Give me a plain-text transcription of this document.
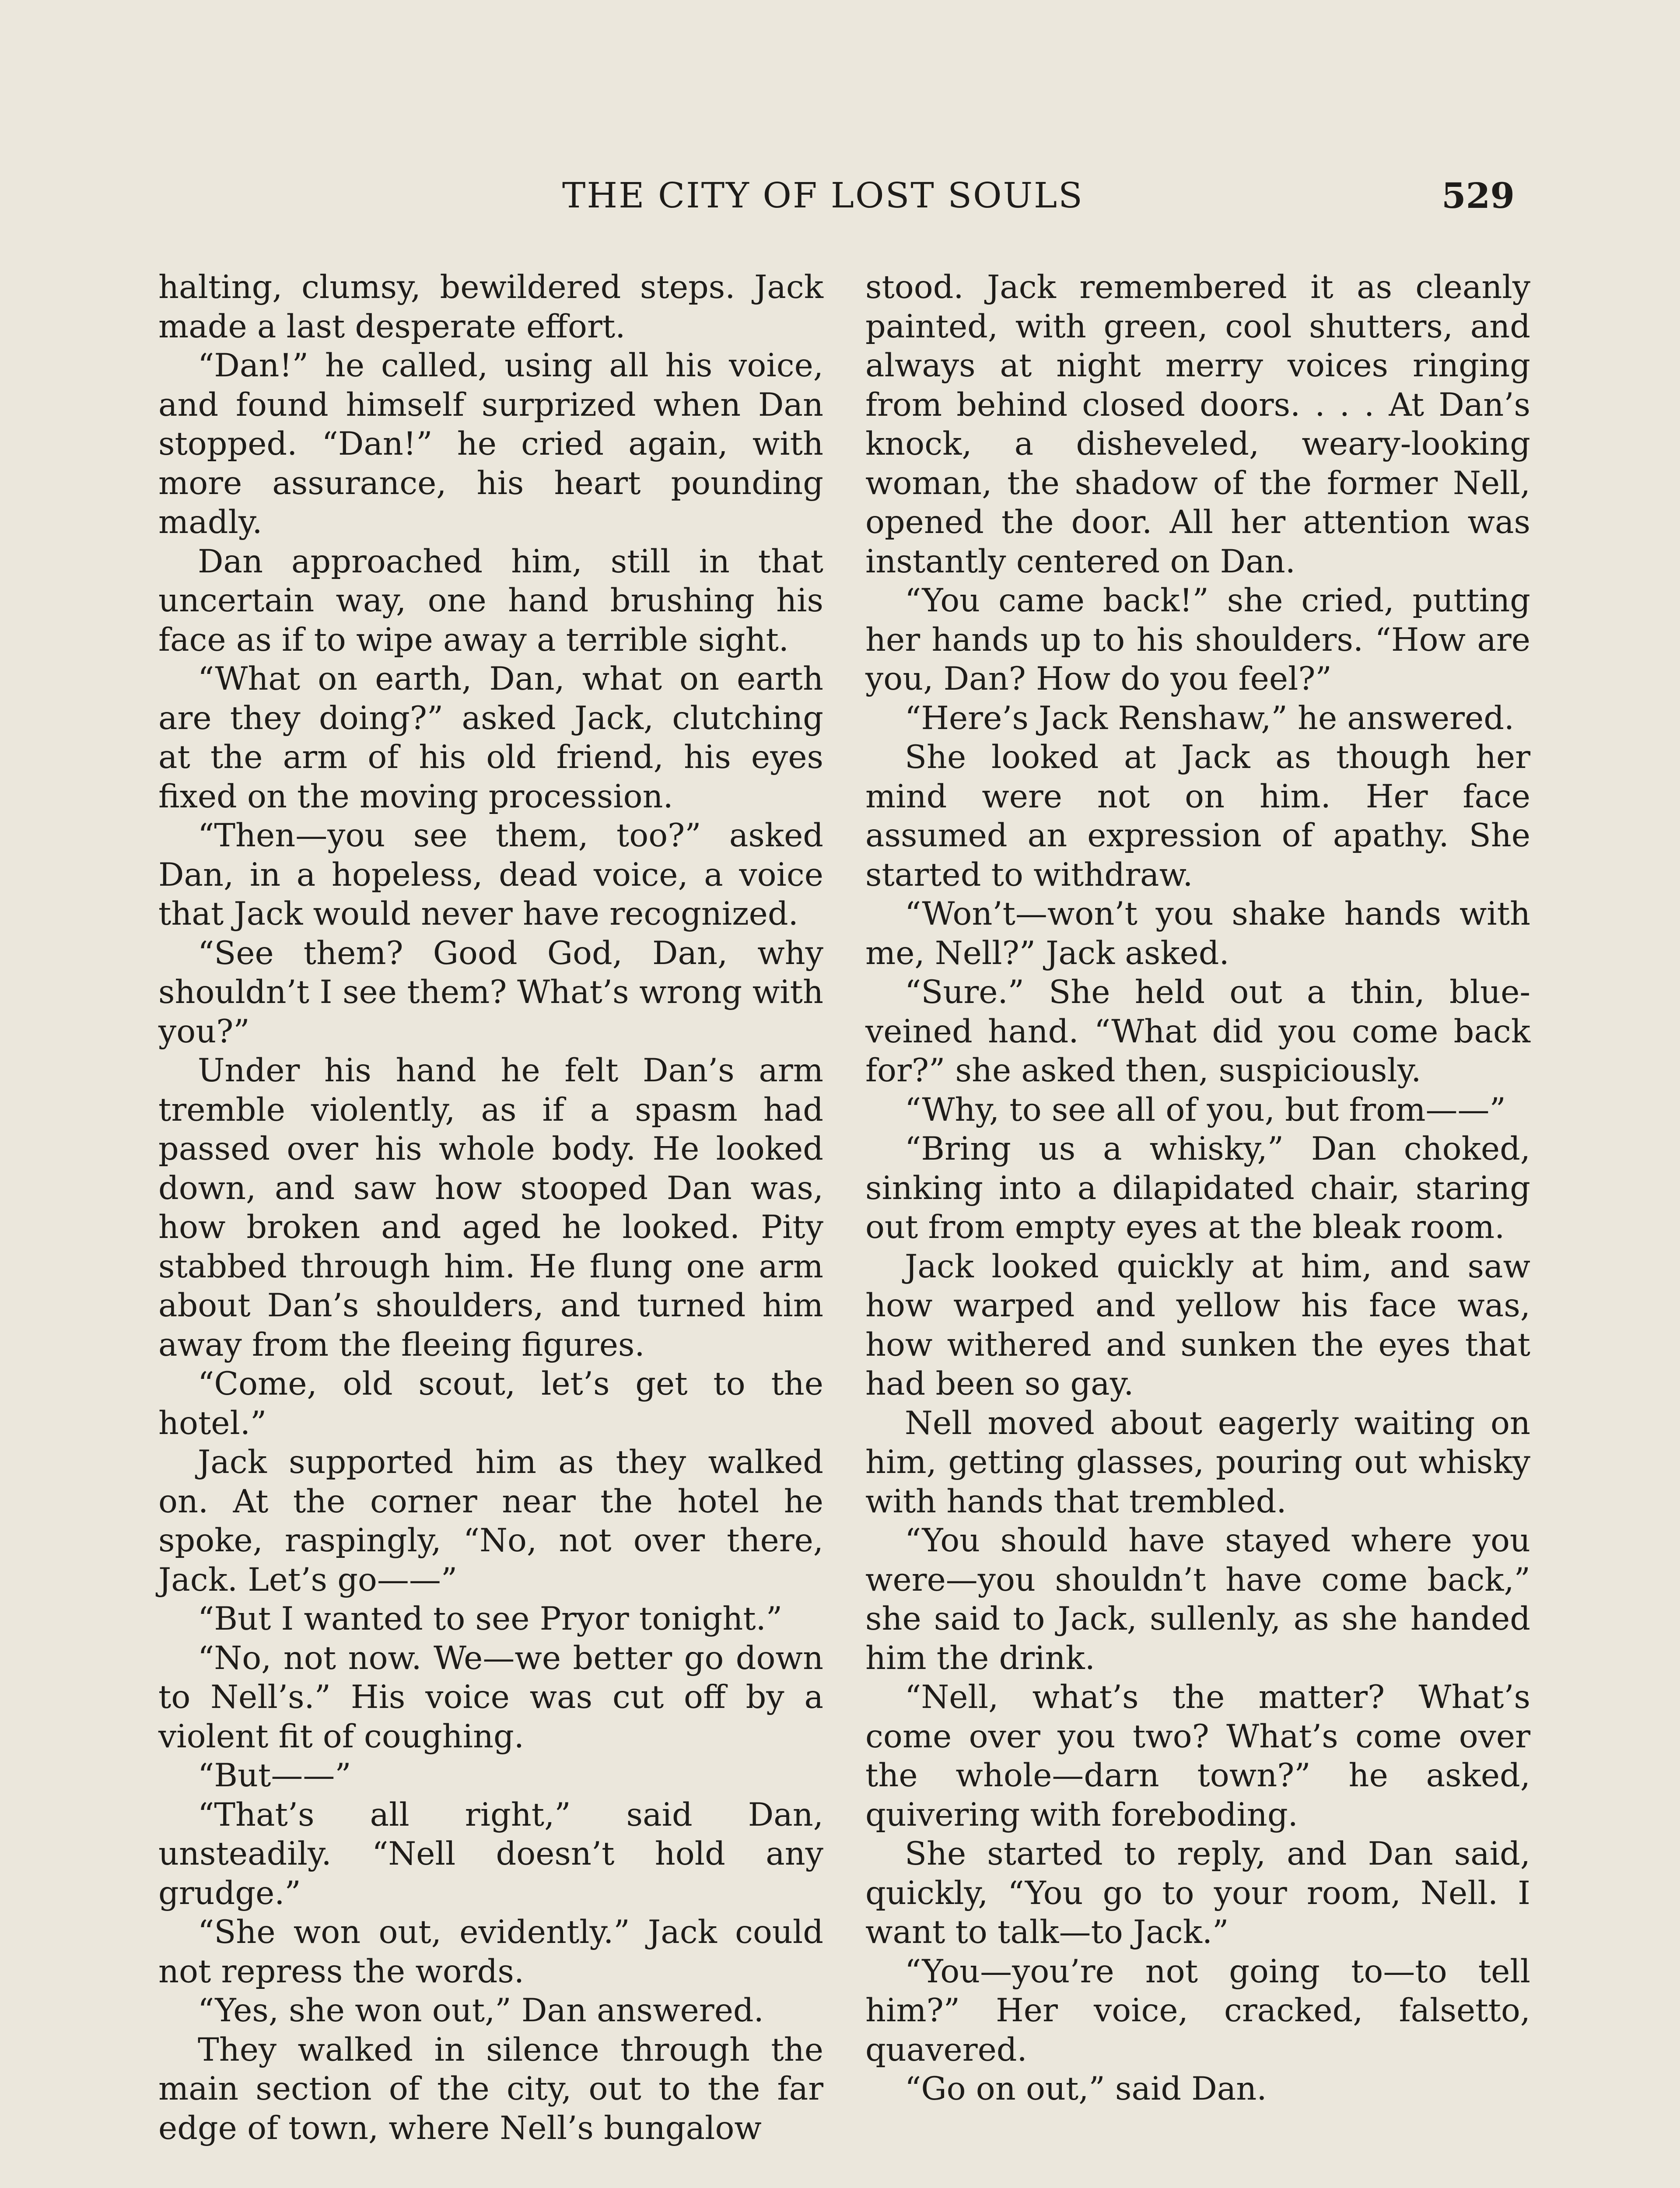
THE CITY OF LOST SOULS	529

halting, clumsy, bewildered steps. Jack made a last desperate effort.

“Dan!” he called, using all his voice, and found himself surprized when Dan stopped. “Dan!” he cried again, with more assurance, his heart pounding madly.

Dan approached him, still in that uncertain way, one hand brushing his face as if to wipe away a terrible sight.

“What on earth, Dan, what on earth are they doing?” asked Jack, clutching at the arm of his old friend, his eyes fixed on the moving procession.

“Then—you see them, too?” asked Dan, in a hopeless, dead voice, a voice that Jack would never have recognized.

“See them? Good God, Dan, why shouldn’t I see them? What’s wrong with you?”

Under his hand he felt Dan’s arm tremble violently, as if a spasm had passed over his whole body. He looked down, and saw how stooped Dan was, how broken and aged he looked. Pity stabbed through him. He flung one arm about Dan’s shoulders, and turned him away from the fleeing figures.

“Come, old scout, let’s get to the hotel.”

Jack supported him as they walked on. At the corner near the hotel he spoke, raspingly, “No, not over there, Jack. Let’s go——”

“But I wanted to see Pryor tonight.”

“No, not now. We—we better go down to Nell’s.” His voice was cut off by a violent fit of coughing.

“But——”

“That’s all right,” said Dan, unsteadily. “Nell doesn’t hold any grudge.”

“She won out, evidently.” Jack could not repress the words.

“Yes, she won out,” Dan answered.

They walked in silence through the main section of the city, out to the far edge of town, where Nell’s bungalow

stood. Jack remembered it as cleanly painted, with green, cool shutters, and always at night merry voices ringing from behind closed doors. . . . At Dan’s knock, a disheveled, weary-looking woman, the shadow of the former Nell, opened the door. All her attention was instantly centered on Dan.

“You came back!” she cried, putting her hands up to his shoulders. “How are you, Dan? How do you feel?”

“Here’s Jack Renshaw,” he answered.

She looked at Jack as though her mind were not on him. Her face assumed an expression of apathy. She started to withdraw.

“Won’t—won’t you shake hands with me, Nell?” Jack asked.

“Sure.” She held out a thin, blue-veined hand. “What did you come back for?” she asked then, suspiciously.

“Why, to see all of you, but from——”

“Bring us a whisky,” Dan choked, sinking into a dilapidated chair, staring out from empty eyes at the bleak room.

Jack looked quickly at him, and saw how warped and yellow his face was, how withered and sunken the eyes that had been so gay.

Nell moved about eagerly waiting on him, getting glasses, pouring out whisky with hands that trembled.

“You should have stayed where you were—you shouldn’t have come back,” she said to Jack, sullenly, as she handed him the drink.

“Nell, what’s the matter? What’s come over you two? What’s come over the whole—darn town?” he asked, quivering with foreboding.

She started to reply, and Dan said, quickly, “You go to your room, Nell. I want to talk—to Jack.”

“You—you’re not going to—to tell him?” Her voice, cracked, falsetto, quavered.

“Go on out,” said Dan.
